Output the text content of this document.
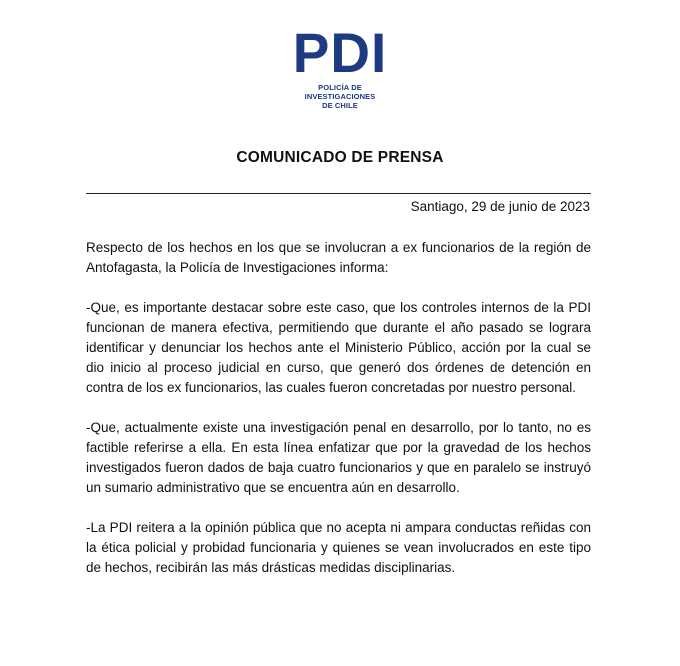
PDI
POLICÍA DE INVESTIGACIONES
DE CHILE
COMUNICADO DE PRENSA
Santiago, 29 de junio de 2023

Respecto de los hechos en los que se involucran a ex funcionarios de la región de Antofagasta, la Policía de Investigaciones informa:

-Que, es importante destacar sobre este caso, que los controles internos de la PDI funcionan de manera efectiva, permitiendo que durante el año pasado se lograra identificar y denunciar los hechos ante el Ministerio Público, acción por la cual se dio inicio al proceso judicial en curso, que generó dos órdenes de detención en contra de los ex funcionarios, las cuales fueron concretadas por nuestro personal.

-Que, actualmente existe una investigación penal en desarrollo, por lo tanto, no es factible referirse a ella. En esta línea enfatizar que por la gravedad de los hechos investigados fueron dados de baja cuatro funcionarios y que en paralelo se instruyó un sumario administrativo que se encuentra aún en desarrollo.

-La PDI reitera a la opinión pública que no acepta ni ampara conductas reñidas con la ética policial y probidad funcionaria y quienes se vean involucrados en este tipo de hechos, recibirán las más drásticas medidas disciplinarias.
